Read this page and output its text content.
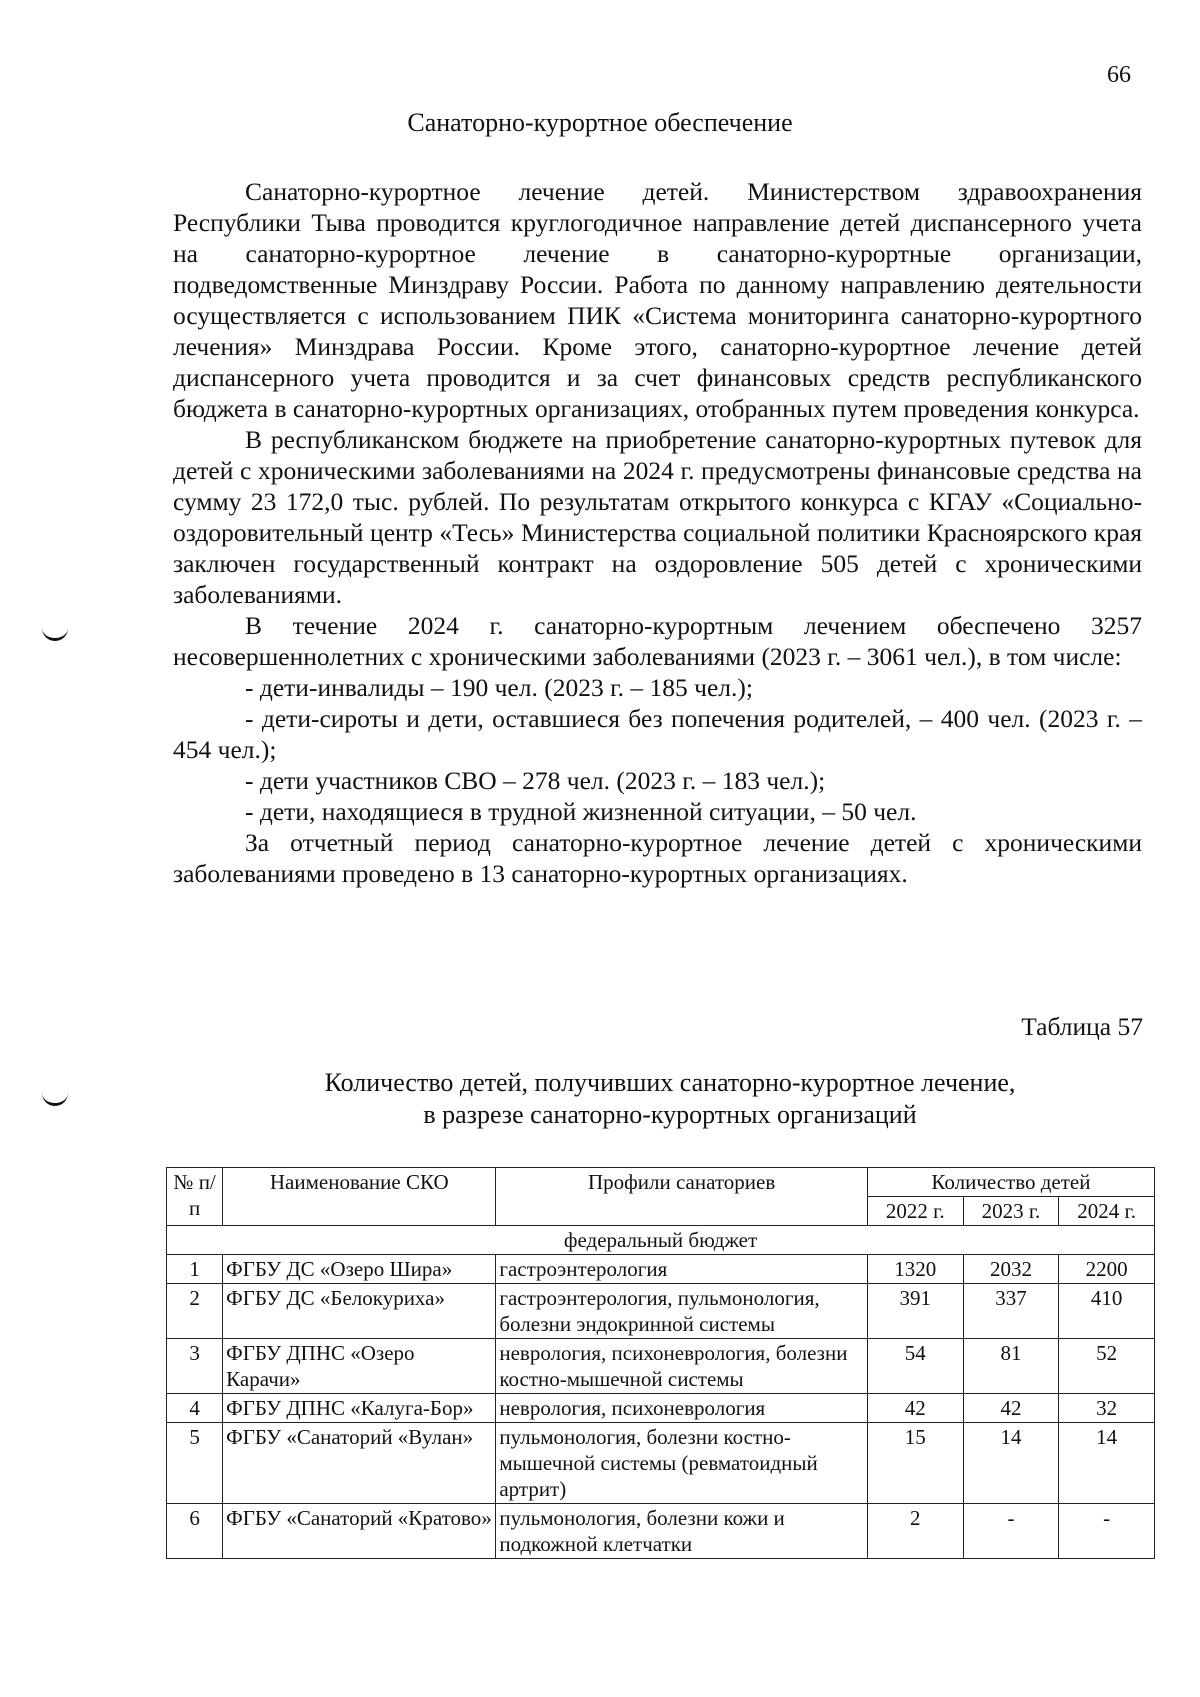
66
Санаторно-курортное обеспечение

Санаторно-курортное лечение детей. Министерством здравоохранения Республики Тыва проводится круглогодичное направление детей диспансерного учета на санаторно-курортное лечение в санаторно-курортные организации, подведомственные Минздраву России. Работа по данному направлению деятельности осуществляется с использованием ПИК «Система мониторинга санаторно-курортного лечения» Минздрава России. Кроме этого, санаторно-курортное лечение детей диспансерного учета проводится и за счет финансовых средств республиканского бюджета в санаторно-курортных организациях, отобранных путем проведения конкурса.

В республиканском бюджете на приобретение санаторно-курортных путевок для детей с хроническими заболеваниями на 2024 г. предусмотрены финансовые средства на сумму 23 172,0 тыс. рублей. По результатам открытого конкурса с КГАУ «Социально-оздоровительный центр «Тесь» Министерства социальной политики Красноярского края заключен государственный контракт на оздоровление 505 детей с хроническими заболеваниями.

В течение 2024 г. санаторно-курортным лечением обеспечено 3257 несовершеннолетних с хроническими заболеваниями (2023 г. – 3061 чел.), в том числе:

- дети-инвалиды – 190 чел. (2023 г. – 185 чел.);

- дети-сироты и дети, оставшиеся без попечения родителей, – 400 чел. (2023 г. – 454 чел.);

- дети участников СВО – 278 чел. (2023 г. – 183 чел.);

- дети, находящиеся в трудной жизненной ситуации, – 50 чел.

За отчетный период санаторно-курортное лечение детей с хроническими заболеваниями проведено в 13 санаторно-курортных организациях.

Таблица 57
Количество детей, получивших санаторно-курортное лечение,
в разрезе санаторно-курортных организаций
№ п/п	Наименование СКО	Профили санаториев	Количество детей		
			2022 г.	2023 г.	2024 г.
федеральный бюджет					
1	ФГБУ ДС «Озеро Шира»	гастроэнтерология	1320	2032	2200
2	ФГБУ ДС «Белокуриха»	гастроэнтерология, пульмонология, болезни эндокринной системы	391	337	410
3	ФГБУ ДПНС «Озеро Карачи»	неврология, психоневрология, болезни костно-мышечной системы	54	81	52
4	ФГБУ ДПНС «Калуга-Бор»	неврология, психоневрология	42	42	32
5	ФГБУ «Санаторий «Вулан»	пульмонология, болезни костно-мышечной системы (ревматоидный артрит)	15	14	14
6	ФГБУ «Санаторий «Кратово»	пульмонология, болезни кожи и подкожной клетчатки	2	-	-
